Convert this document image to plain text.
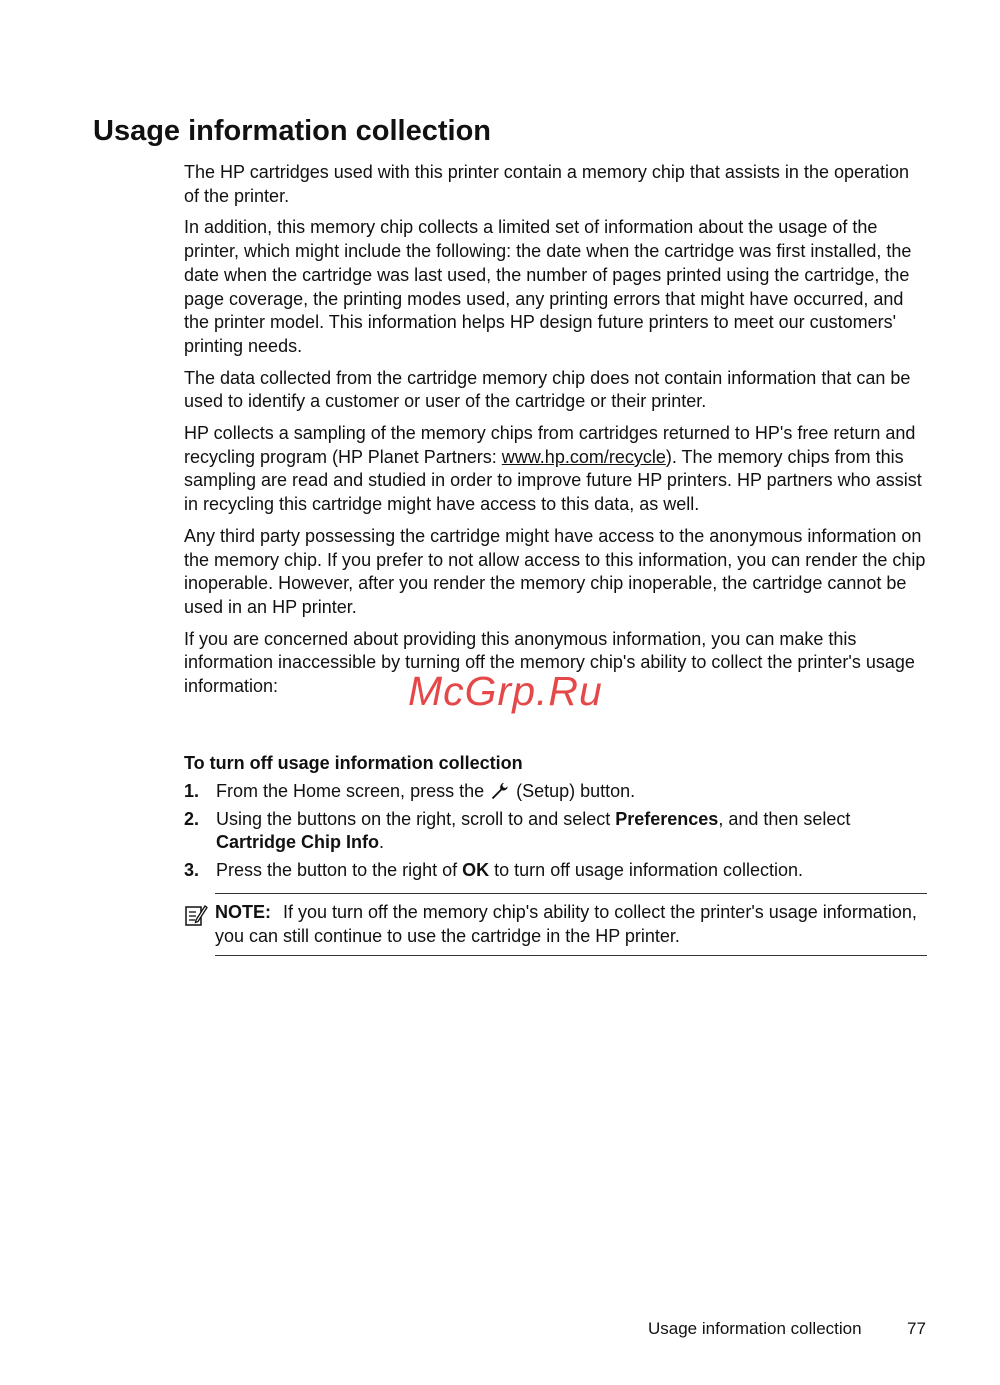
Usage information collection

The HP cartridges used with this printer contain a memory chip that assists in the operation of the printer.

In addition, this memory chip collects a limited set of information about the usage of the printer, which might include the following: the date when the cartridge was first installed, the date when the cartridge was last used, the number of pages printed using the cartridge, the page coverage, the printing modes used, any printing errors that might have occurred, and the printer model. This information helps HP design future printers to meet our customers' printing needs.

The data collected from the cartridge memory chip does not contain information that can be used to identify a customer or user of the cartridge or their printer.

HP collects a sampling of the memory chips from cartridges returned to HP's free return and recycling program (HP Planet Partners: www.hp.com/recycle). The memory chips from this sampling are read and studied in order to improve future HP printers. HP partners who assist in recycling this cartridge might have access to this data, as well.

Any third party possessing the cartridge might have access to the anonymous information on the memory chip. If you prefer to not allow access to this information, you can render the chip inoperable. However, after you render the memory chip inoperable, the cartridge cannot be used in an HP printer.

If you are concerned about providing this anonymous information, you can make this information inaccessible by turning off the memory chip's ability to collect the printer's usage information:	McGrp.Ru
To turn off usage information collection
1. From the Home screen, press the  (Setup) button.
2. Using the buttons on the right, scroll to and select Preferences, and then select Cartridge Chip Info.
3. Press the button to the right of OK to turn off usage information collection.

NOTE: If you turn off the memory chip's ability to collect the printer's usage information, you can still continue to use the cartridge in the HP printer.

Usage information collection	77
